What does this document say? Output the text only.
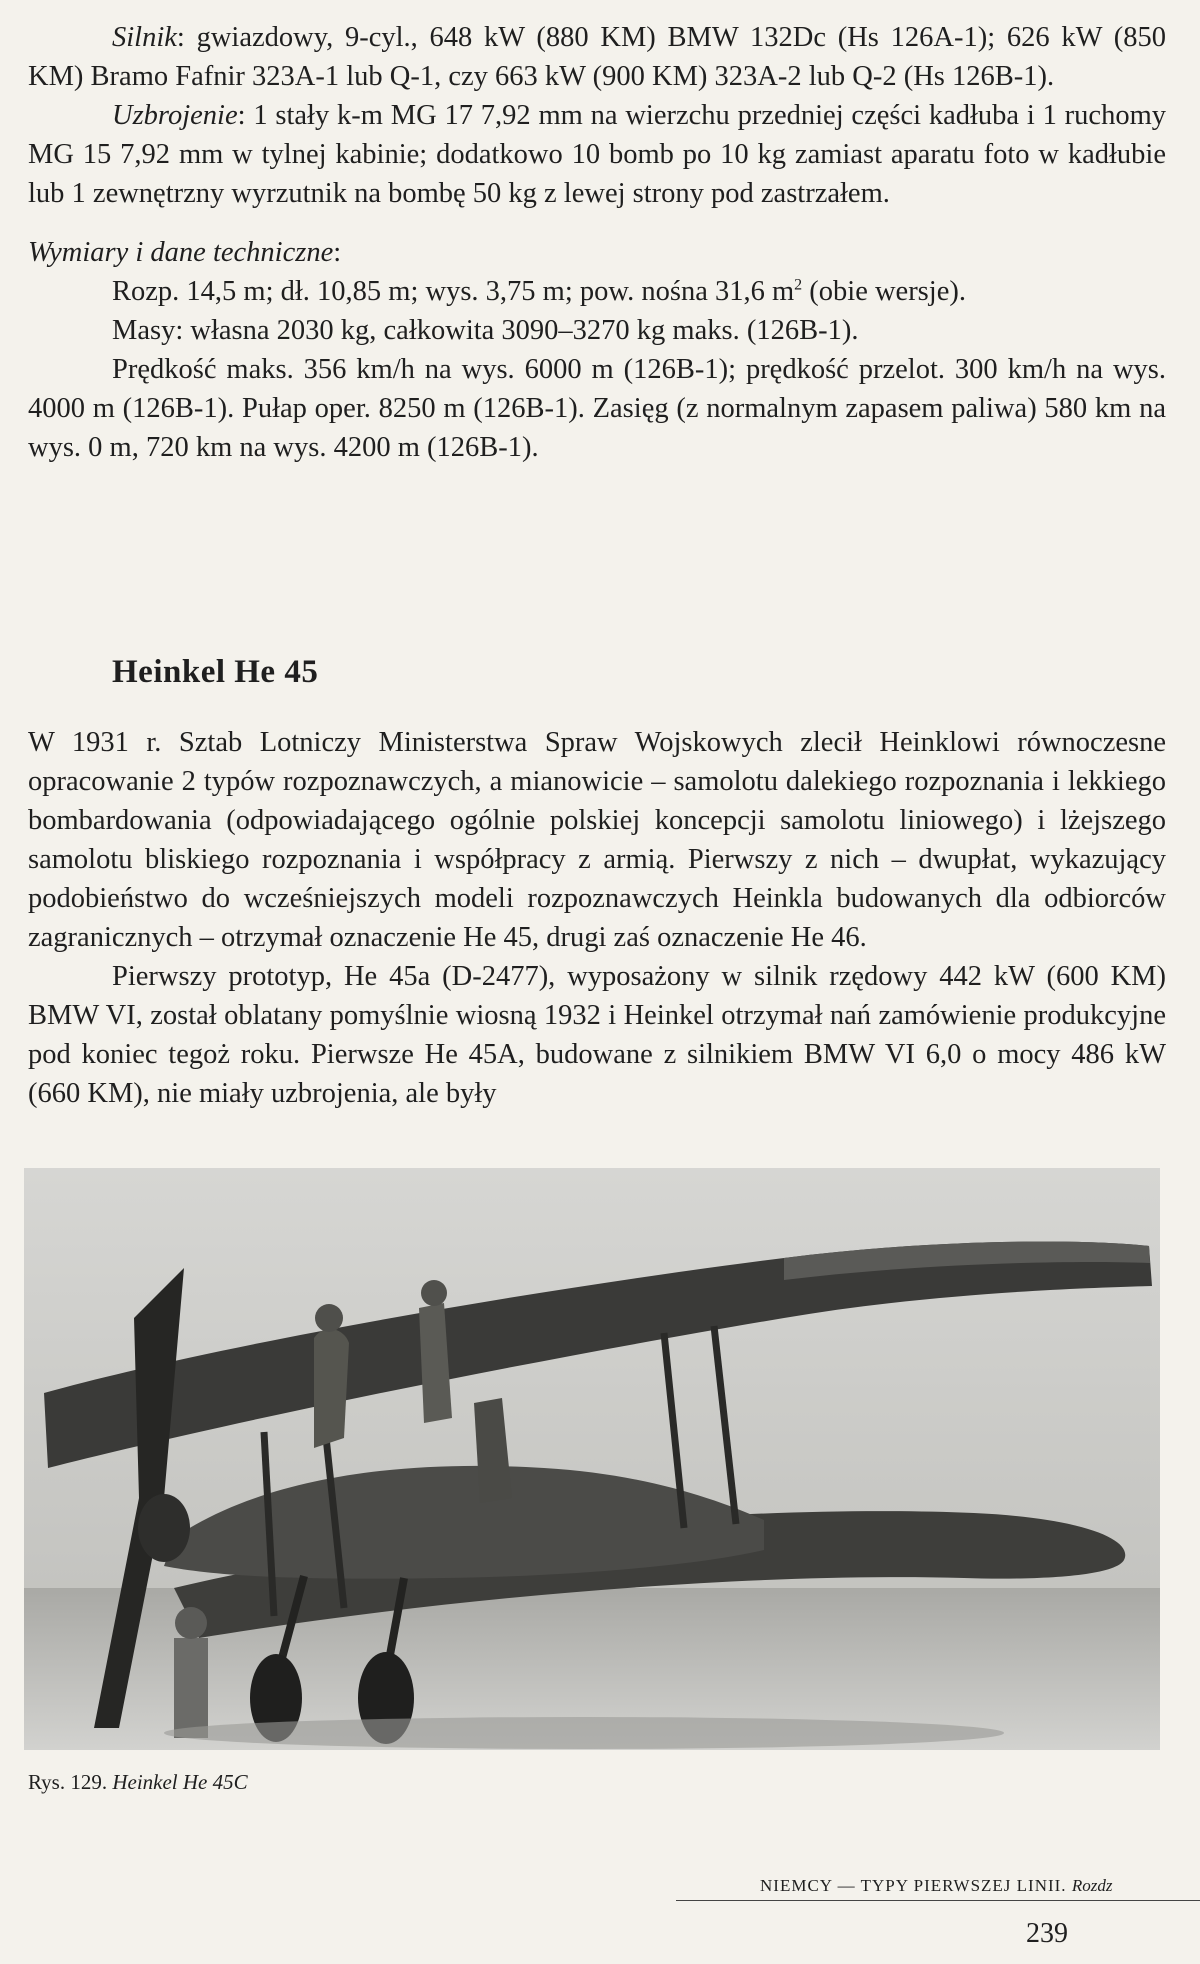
Silnik: gwiazdowy, 9-cyl., 648 kW (880 KM) BMW 132Dc (Hs 126A-1); 626 kW (850 KM) Bramo Fafnir 323A-1 lub Q-1, czy 663 kW (900 KM) 323A-2 lub Q-2 (Hs 126B-1).

Uzbrojenie: 1 stały k-m MG 17 7,92 mm na wierzchu przedniej części kadłuba i 1 ruchomy MG 15 7,92 mm w tylnej kabinie; dodatkowo 10 bomb po 10 kg zamiast aparatu foto w kadłubie lub 1 zewnętrzny wyrzutnik na bombę 50 kg z lewej strony pod zastrzałem.

Wymiary i dane techniczne:

Rozp. 14,5 m; dł. 10,85 m; wys. 3,75 m; pow. nośna 31,6 $m^2$ (obie wersje).

Masy: własna 2030 kg, całkowita 3090–3270 kg maks. (126B-1).

Prędkość maks. 356 km/h na wys. 6000 m (126B-1); prędkość przelot. 300 km/h na wys. 4000 m (126B-1). Pułap oper. 8250 m (126B-1). Zasięg (z normalnym zapasem paliwa) 580 km na wys. 0 m, 720 km na wys. 4200 m (126B-1).

Heinkel He 45

W 1931 r. Sztab Lotniczy Ministerstwa Spraw Wojskowych zlecił Heinklowi równoczesne opracowanie 2 typów rozpoznawczych, a mianowicie – samolotu dalekiego rozpoznania i lekkiego bombardowania (odpowiadającego ogólnie polskiej koncepcji samolotu liniowego) i lżejszego samolotu bliskiego rozpoznania i współpracy z armią. Pierwszy z nich – dwupłat, wykazujący podobieństwo do wcześniejszych modeli rozpoznawczych Heinkla budowanych dla odbiorców zagranicznych – otrzymał oznaczenie He 45, drugi zaś oznaczenie He 46.

Pierwszy prototyp, He 45a (D-2477), wyposażony w silnik rzędowy 442 kW (600 KM) BMW VI, został oblatany pomyślnie wiosną 1932 i Heinkel otrzymał nań zamówienie produkcyjne pod koniec tegoż roku. Pierwsze He 45A, budowane z silnikiem BMW VI 6,0 o mocy 486 kW (660 KM), nie miały uzbrojenia, ale były

Rys. 129. Heinkel He 45C
NIEMCY — TYPY PIERWSZEJ LINII. Rozdz
239
